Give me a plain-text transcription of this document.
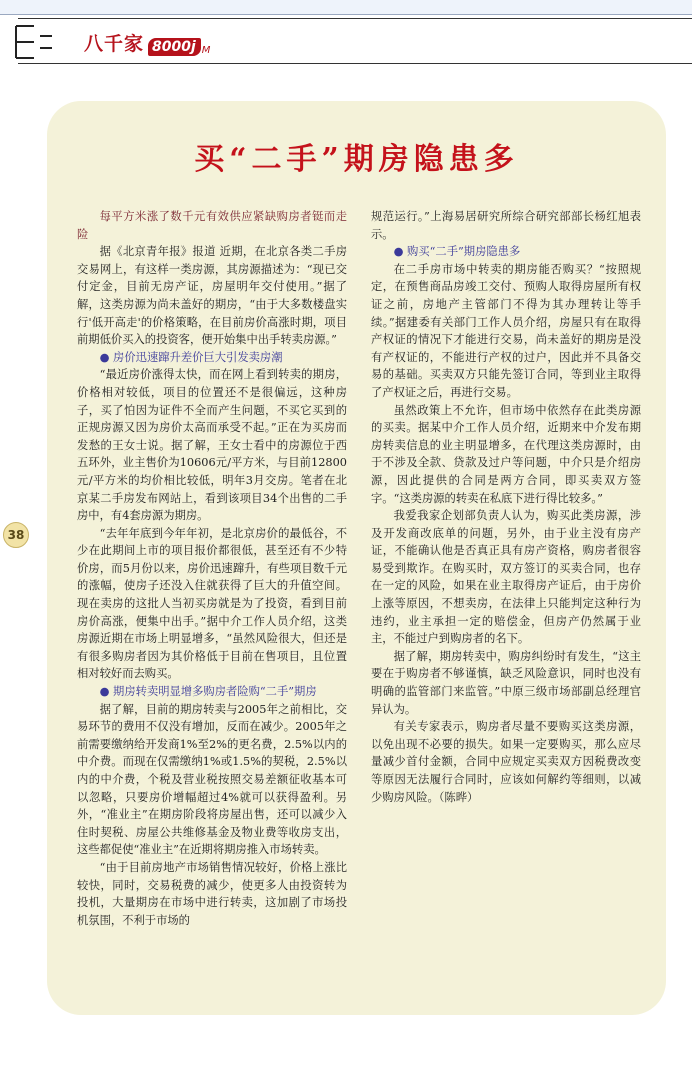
八千家 8000j M
买“二手”期房隐患多

每平方米涨了数千元有效供应紧缺购房者铤而走险

据《北京青年报》报道 近期，在北京各类二手房交易网上，有这样一类房源，其房源描述为：“现已交付定金，目前无房产证，房屋明年交付使用。”据了解，这类房源为尚未盖好的期房，“由于大多数楼盘实行'低开高走'的价格策略，在目前房价高涨时期，项目前期低价买入的投资客，便开始集中出手转卖房源。”

● 房价迅速蹿升差价巨大引发卖房潮

“最近房价涨得太快，而在网上看到转卖的期房，价格相对较低，项目的位置还不是很偏远，这种房子，买了怕因为证件不全而产生问题，不买它买到的正规房源又因为房价太高而承受不起。”正在为买房而发愁的王女士说。据了解，王女士看中的房源位于西五环外，业主售价为10606元/平方米，与目前12800元/平方米的均价相比较低，明年3月交房。笔者在北京某二手房发布网站上，看到该项目34个出售的二手房中，有4套房源为期房。

“去年年底到今年年初，是北京房价的最低谷，不少在此期间上市的项目报价都很低，甚至还有不少特价房，而5月份以来，房价迅速蹿升，有些项目数千元的涨幅，使房子还没入住就获得了巨大的升值空间。现在卖房的这批人当初买房就是为了投资，看到目前房价高涨，便集中出手。”据中介工作人员介绍，这类房源近期在市场上明显增多，“虽然风险很大，但还是有很多购房者因为其价格低于目前在售项目，且位置相对较好而去购买。

● 期房转卖明显增多购房者险购“二手”期房

据了解，目前的期房转卖与2005年之前相比，交易环节的费用不仅没有增加，反而在减少。2005年之前需要缴纳给开发商1%至2%的更名费，2.5%以内的中介费。而现在仅需缴纳1%或1.5%的契税，2.5%以内的中介费，个税及营业税按照交易差额征收基本可以忽略，只要房价增幅超过4%就可以获得盈利。另外，“准业主”在期房阶段将房屋出售，还可以减少入住时契税、房屋公共维修基金及物业费等收房支出，这些都促使“准业主”在近期将期房推入市场转卖。

“由于目前房地产市场销售情况较好，价格上涨比较快，同时，交易税费的减少，使更多人由投资转为投机，大量期房在市场中进行转卖，这加剧了市场投机氛围，不利于市场的

规范运行。”上海易居研究所综合研究部部长杨红旭表示。

● 购买“二手”期房隐患多

在二手房市场中转卖的期房能否购买？“按照规定，在预售商品房竣工交付、预购人取得房屋所有权证之前，房地产主管部门不得为其办理转让等手续。”据建委有关部门工作人员介绍，房屋只有在取得产权证的情况下才能进行交易，尚未盖好的期房是没有产权证的，不能进行产权的过户，因此并不具备交易的基础。买卖双方只能先签订合同，等到业主取得了产权证之后，再进行交易。

虽然政策上不允许，但市场中依然存在此类房源的买卖。据某中介工作人员介绍，近期来中介发布期房转卖信息的业主明显增多，在代理这类房源时，由于不涉及全款、贷款及过户等问题，中介只是介绍房源，因此提供的合同是两方合同，即买卖双方签字。“这类房源的转卖在私底下进行得比较多。”

我爱我家企划部负责人认为，购买此类房源，涉及开发商改底单的问题，另外，由于业主没有房产证，不能确认他是否真正具有房产资格，购房者很容易受到欺诈。在购买时，双方签订的买卖合同，也存在一定的风险，如果在业主取得房产证后，由于房价上涨等原因，不想卖房，在法律上只能判定这种行为违约，业主承担一定的赔偿金，但房产仍然属于业主，不能过户到购房者的名下。

据了解，期房转卖中，购房纠纷时有发生，“这主要在于购房者不够谨慎，缺乏风险意识，同时也没有明确的监管部门来监管。”中原三级市场部副总经理官异认为。

有关专家表示，购房者尽量不要购买这类房源，以免出现不必要的损失。如果一定要购买，那么应尽量减少首付金额，合同中应规定买卖双方因税费改变等原因无法履行合同时，应该如何解约等细则，以减少购房风险。（陈晔）

38
